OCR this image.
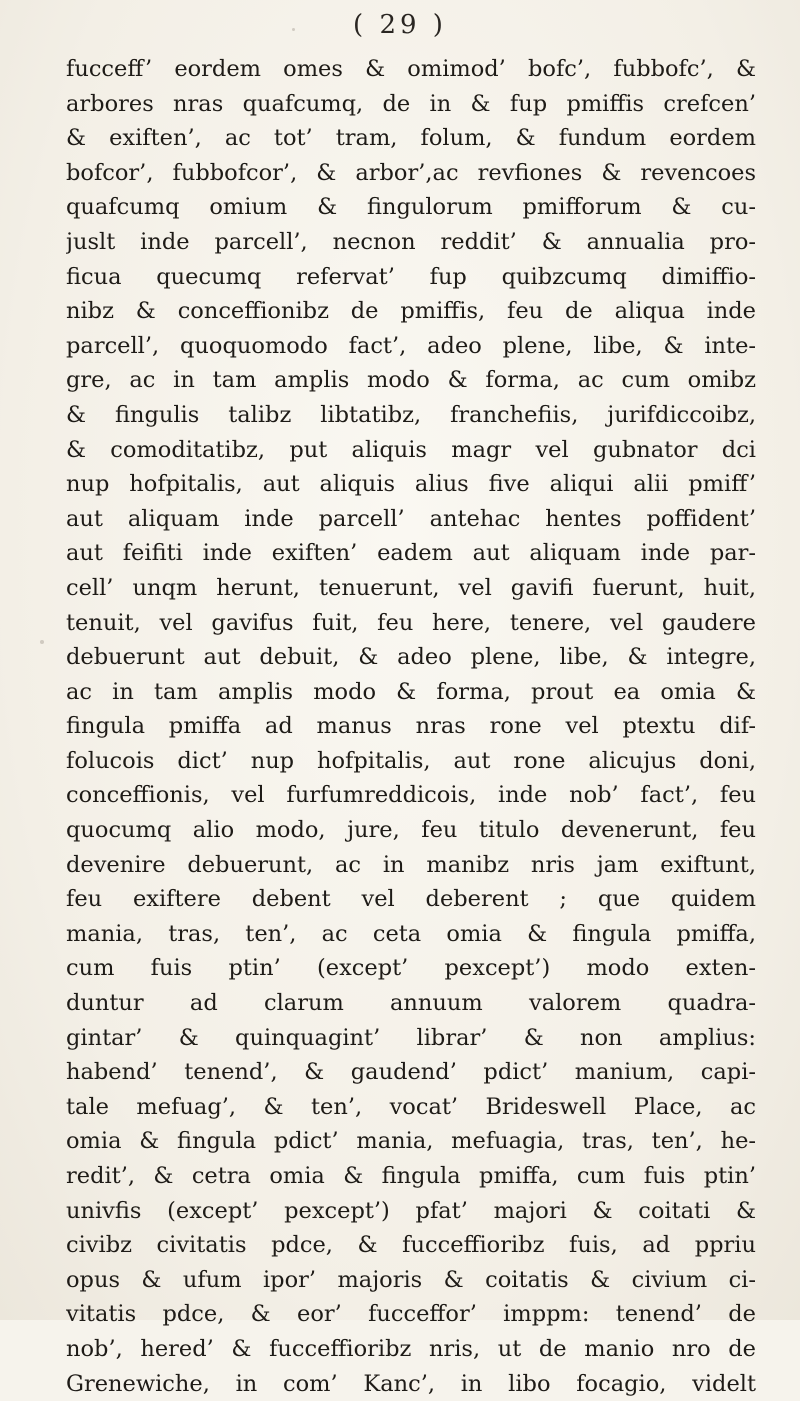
( 29 )
fucceff’ eordem omes & omimod’ bofc’, fubbofc’, &
arbores nras quafcumq, de in & fup pmiffis crefcen’
& exiften’, ac tot’ tram, folum, & fundum eordem
bofcor’, fubbofcor’, & arbor’,ac revfiones & revencoes
quafcumq omium & fingulorum pmifforum & cu-
juslt inde parcell’, necnon reddit’ & annualia pro-
ficua quecumq refervat’ fup quibzcumq dimiffio-
nibz & conceffionibz de pmiffis, feu de aliqua inde
parcell’, quoquomodo fact’, adeo plene, libe, & inte-
gre, ac in tam amplis modo & forma, ac cum omibz
& fingulis talibz libtatibz, franchefiis, jurifdiccoibz,
& comoditatibz, put aliquis magr vel gubnator dci
nup hofpitalis, aut aliquis alius five aliqui alii pmiff’
aut aliquam inde parcell’ antehac hentes poffident’
aut feifiti inde exiften’ eadem aut aliquam inde par-
cell’ unqm herunt, tenuerunt, vel gavifi fuerunt, huit,
tenuit, vel gavifus fuit, feu here, tenere, vel gaudere
debuerunt aut debuit, & adeo plene, libe, & integre,
ac in tam amplis modo & forma, prout ea omia &
fingula pmiffa ad manus nras rone vel ptextu dif-
folucois dict’ nup hofpitalis, aut rone alicujus doni,
conceffionis, vel furfumreddicois, inde nob’ fact’, feu
quocumq alio modo, jure, feu titulo devenerunt, feu
devenire debuerunt, ac in manibz nris jam exiftunt,
feu exiftere debent vel deberent ; que quidem
mania, tras, ten’, ac ceta omia & fingula pmiffa,
cum fuis ptin’ (except’ pexcept’) modo exten-
duntur ad clarum annuum valorem quadra-
gintar’ & quinquagint’ librar’ & non amplius:
habend’ tenend’, & gaudend’ pdict’ manium, capi-
tale mefuag’, & ten’, vocat’ Brideswell Place, ac
omia & fingula pdict’ mania, mefuagia, tras, ten’, he-
redit’, & cetra omia & fingula pmiffa, cum fuis ptin’
univfis (except’ pexcept’) pfat’ majori & coitati &
civibz civitatis pdce, & fucceffioribz fuis, ad ppriu
opus & ufum ipor’ majoris & coitatis & civium ci-
vitatis pdce, & eor’ fucceffor’ imppm: tenend’ de
nob’, hered’ & fucceffioribz nris, ut de manio nro de
Grenewiche, in com’ Kanc’, in libo focagio, videlt
